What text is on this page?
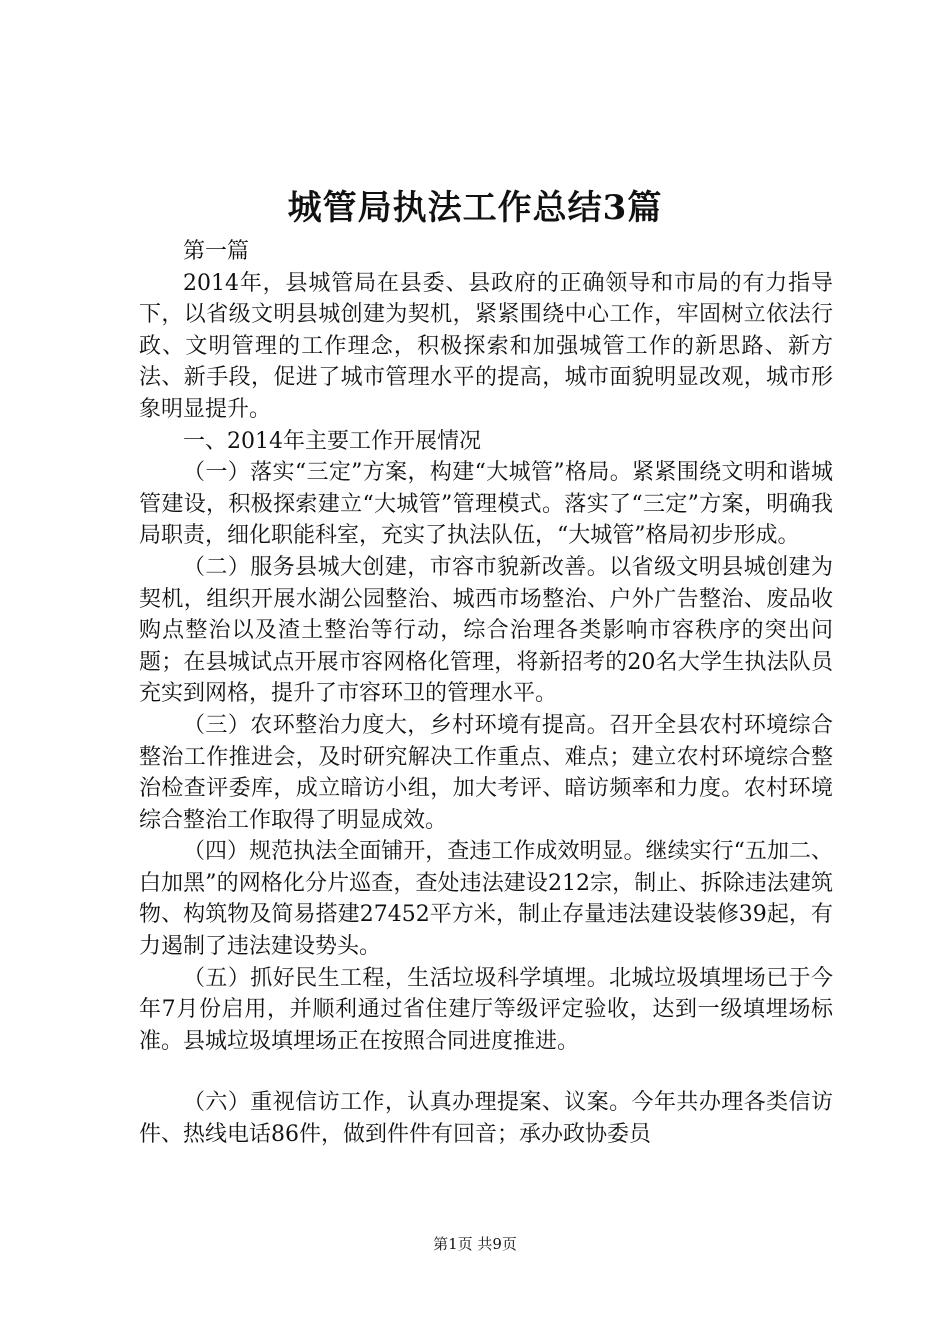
城管局执法工作总结3篇

第一篇

2014年，县城管局在县委、县政府的正确领导和市局的有力指导下，以省级文明县城创建为契机，紧紧围绕中心工作，牢固树立依法行政、文明管理的工作理念，积极探索和加强城管工作的新思路、新方法、新手段，促进了城市管理水平的提高，城市面貌明显改观，城市形象明显提升。

一、2014年主要工作开展情况

（一）落实“三定”方案，构建“大城管”格局。紧紧围绕文明和谐城管建设，积极探索建立“大城管”管理模式。落实了“三定”方案，明确我局职责，细化职能科室，充实了执法队伍，“大城管”格局初步形成。

（二）服务县城大创建，市容市貌新改善。以省级文明县城创建为契机，组织开展水湖公园整治、城西市场整治、户外广告整治、废品收购点整治以及渣土整治等行动，综合治理各类影响市容秩序的突出问题；在县城试点开展市容网格化管理，将新招考的20名大学生执法队员充实到网格，提升了市容环卫的管理水平。

（三）农环整治力度大，乡村环境有提高。召开全县农村环境综合整治工作推进会，及时研究解决工作重点、难点；建立农村环境综合整治检查评委库，成立暗访小组，加大考评、暗访频率和力度。农村环境综合整治工作取得了明显成效。

（四）规范执法全面铺开，查违工作成效明显。继续实行“五加二、白加黑”的网格化分片巡查，查处违法建设212宗，制止、拆除违法建筑物、构筑物及简易搭建27452平方米，制止存量违法建设装修39起，有力遏制了违法建设势头。

（五）抓好民生工程，生活垃圾科学填埋。北城垃圾填埋场已于今年7月份启用，并顺利通过省住建厅等级评定验收，达到一级填埋场标准。县城垃圾填埋场正在按照合同进度推进。

（六）重视信访工作，认真办理提案、议案。今年共办理各类信访件、热线电话86件，做到件件有回音；承办政协委员

第1页 共9页
